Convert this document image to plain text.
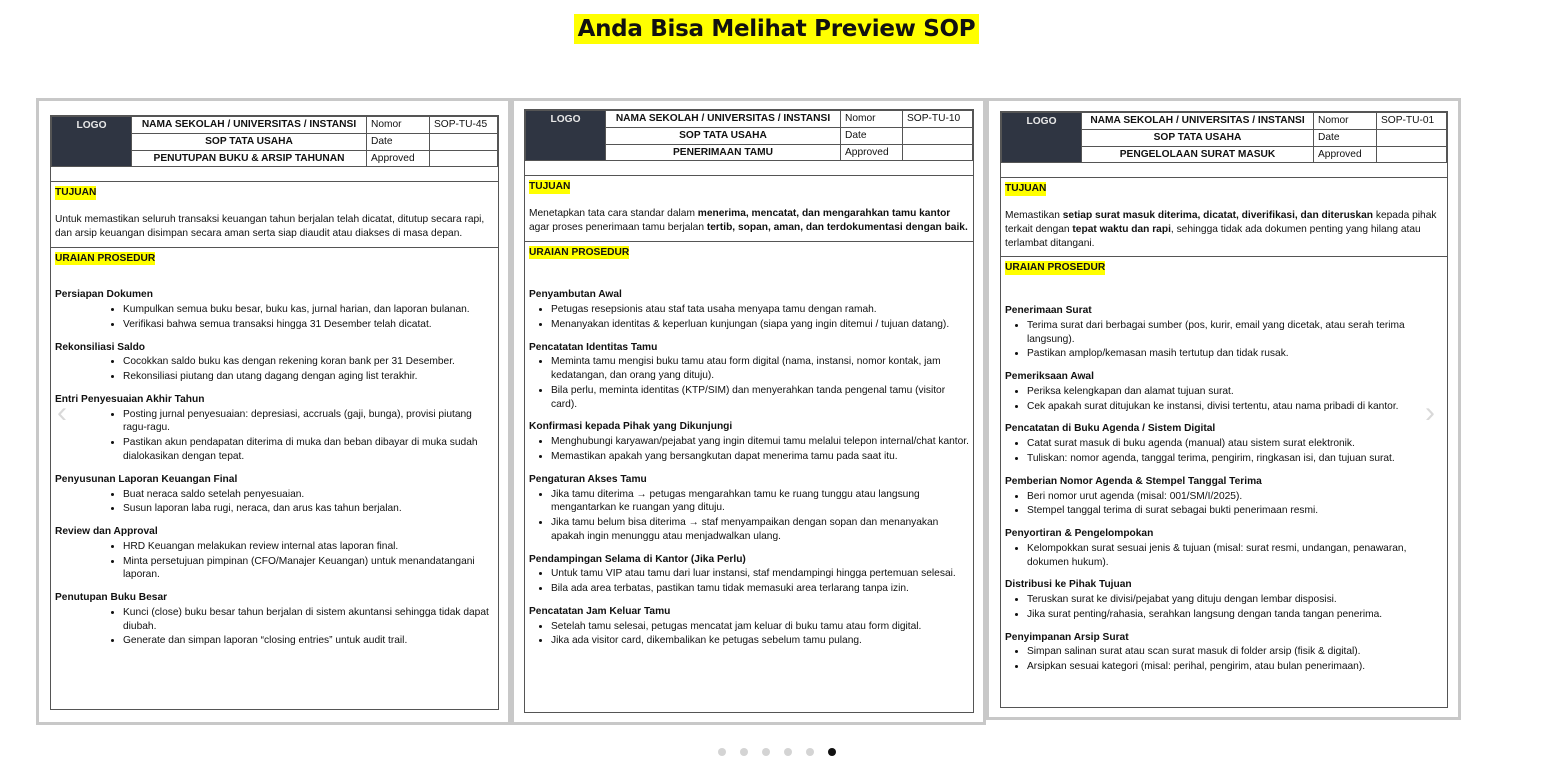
Anda Bisa Melihat Preview SOP
LOGO	NAMA SEKOLAH / UNIVERSITAS / INSTANSI	Nomor	SOP-TU-45
	SOP TATA USAHA	Date	
	PENUTUPAN BUKU & ARSIP TAHUNAN	Approved	
TUJUAN

Untuk memastikan seluruh transaksi keuangan tahun berjalan telah dicatat, ditutup secara rapi, dan arsip keuangan disimpan secara aman serta siap diaudit atau diakses di masa depan.

URAIAN PROSEDUR
Persiapan Dokumen
• Kumpulkan semua buku besar, buku kas, jurnal harian, dan laporan bulanan.
• Verifikasi bahwa semua transaksi hingga 31 Desember telah dicatat.
Rekonsiliasi Saldo
• Cocokkan saldo buku kas dengan rekening koran bank per 31 Desember.
• Rekonsiliasi piutang dan utang dagang dengan aging list terakhir.
Entri Penyesuaian Akhir Tahun
• Posting jurnal penyesuaian: depresiasi, accruals (gaji, bunga), provisi piutang ragu-ragu.
• Pastikan akun pendapatan diterima di muka dan beban dibayar di muka sudah dialokasikan dengan tepat.
Penyusunan Laporan Keuangan Final
• Buat neraca saldo setelah penyesuaian.
• Susun laporan laba rugi, neraca, dan arus kas tahun berjalan.
Review dan Approval
• HRD Keuangan melakukan review internal atas laporan final.
• Minta persetujuan pimpinan (CFO/Manajer Keuangan) untuk menandatangani laporan.
Penutupan Buku Besar
• Kunci (close) buku besar tahun berjalan di sistem akuntansi sehingga tidak dapat diubah.
• Generate dan simpan laporan “closing entries” untuk audit trail.
LOGO	NAMA SEKOLAH / UNIVERSITAS / INSTANSI	Nomor	SOP-TU-10
	SOP TATA USAHA	Date	
	PENERIMAAN TAMU	Approved	
TUJUAN

Menetapkan tata cara standar dalam menerima, mencatat, dan mengarahkan tamu kantor agar proses penerimaan tamu berjalan tertib, sopan, aman, dan terdokumentasi dengan baik.

URAIAN PROSEDUR
Penyambutan Awal
• Petugas resepsionis atau staf tata usaha menyapa tamu dengan ramah.
• Menanyakan identitas & keperluan kunjungan (siapa yang ingin ditemui / tujuan datang).
Pencatatan Identitas Tamu
• Meminta tamu mengisi buku tamu atau form digital (nama, instansi, nomor kontak, jam kedatangan, dan orang yang dituju).
• Bila perlu, meminta identitas (KTP/SIM) dan menyerahkan tanda pengenal tamu (visitor card).
Konfirmasi kepada Pihak yang Dikunjungi
• Menghubungi karyawan/pejabat yang ingin ditemui tamu melalui telepon internal/chat kantor.
• Memastikan apakah yang bersangkutan dapat menerima tamu pada saat itu.
Pengaturan Akses Tamu
• Jika tamu diterima → petugas mengarahkan tamu ke ruang tunggu atau langsung mengantarkan ke ruangan yang dituju.
• Jika tamu belum bisa diterima → staf menyampaikan dengan sopan dan menanyakan apakah ingin menunggu atau menjadwalkan ulang.
Pendampingan Selama di Kantor (Jika Perlu)
• Untuk tamu VIP atau tamu dari luar instansi, staf mendampingi hingga pertemuan selesai.
• Bila ada area terbatas, pastikan tamu tidak memasuki area terlarang tanpa izin.
Pencatatan Jam Keluar Tamu
• Setelah tamu selesai, petugas mencatat jam keluar di buku tamu atau form digital.
• Jika ada visitor card, dikembalikan ke petugas sebelum tamu pulang.
LOGO	NAMA SEKOLAH / UNIVERSITAS / INSTANSI	Nomor	SOP-TU-01
	SOP TATA USAHA	Date	
	PENGELOLAAN SURAT MASUK	Approved	
TUJUAN

Memastikan setiap surat masuk diterima, dicatat, diverifikasi, dan diteruskan kepada pihak terkait dengan tepat waktu dan rapi, sehingga tidak ada dokumen penting yang hilang atau terlambat ditangani.

URAIAN PROSEDUR
Penerimaan Surat
• Terima surat dari berbagai sumber (pos, kurir, email yang dicetak, atau serah terima langsung).
• Pastikan amplop/kemasan masih tertutup dan tidak rusak.
Pemeriksaan Awal
• Periksa kelengkapan dan alamat tujuan surat.
• Cek apakah surat ditujukan ke instansi, divisi tertentu, atau nama pribadi di kantor.
Pencatatan di Buku Agenda / Sistem Digital
• Catat surat masuk di buku agenda (manual) atau sistem surat elektronik.
• Tuliskan: nomor agenda, tanggal terima, pengirim, ringkasan isi, dan tujuan surat.
Pemberian Nomor Agenda & Stempel Tanggal Terima
• Beri nomor urut agenda (misal: 001/SM/I/2025).
• Stempel tanggal terima di surat sebagai bukti penerimaan resmi.
Penyortiran & Pengelompokan
• Kelompokkan surat sesuai jenis & tujuan (misal: surat resmi, undangan, penawaran, dokumen hukum).
Distribusi ke Pihak Tujuan
• Teruskan surat ke divisi/pejabat yang dituju dengan lembar disposisi.
• Jika surat penting/rahasia, serahkan langsung dengan tanda tangan penerima.
Penyimpanan Arsip Surat
• Simpan salinan surat atau scan surat masuk di folder arsip (fisik & digital).
• Arsipkan sesuai kategori (misal: perihal, pengirim, atau bulan penerimaan).
‹	›
